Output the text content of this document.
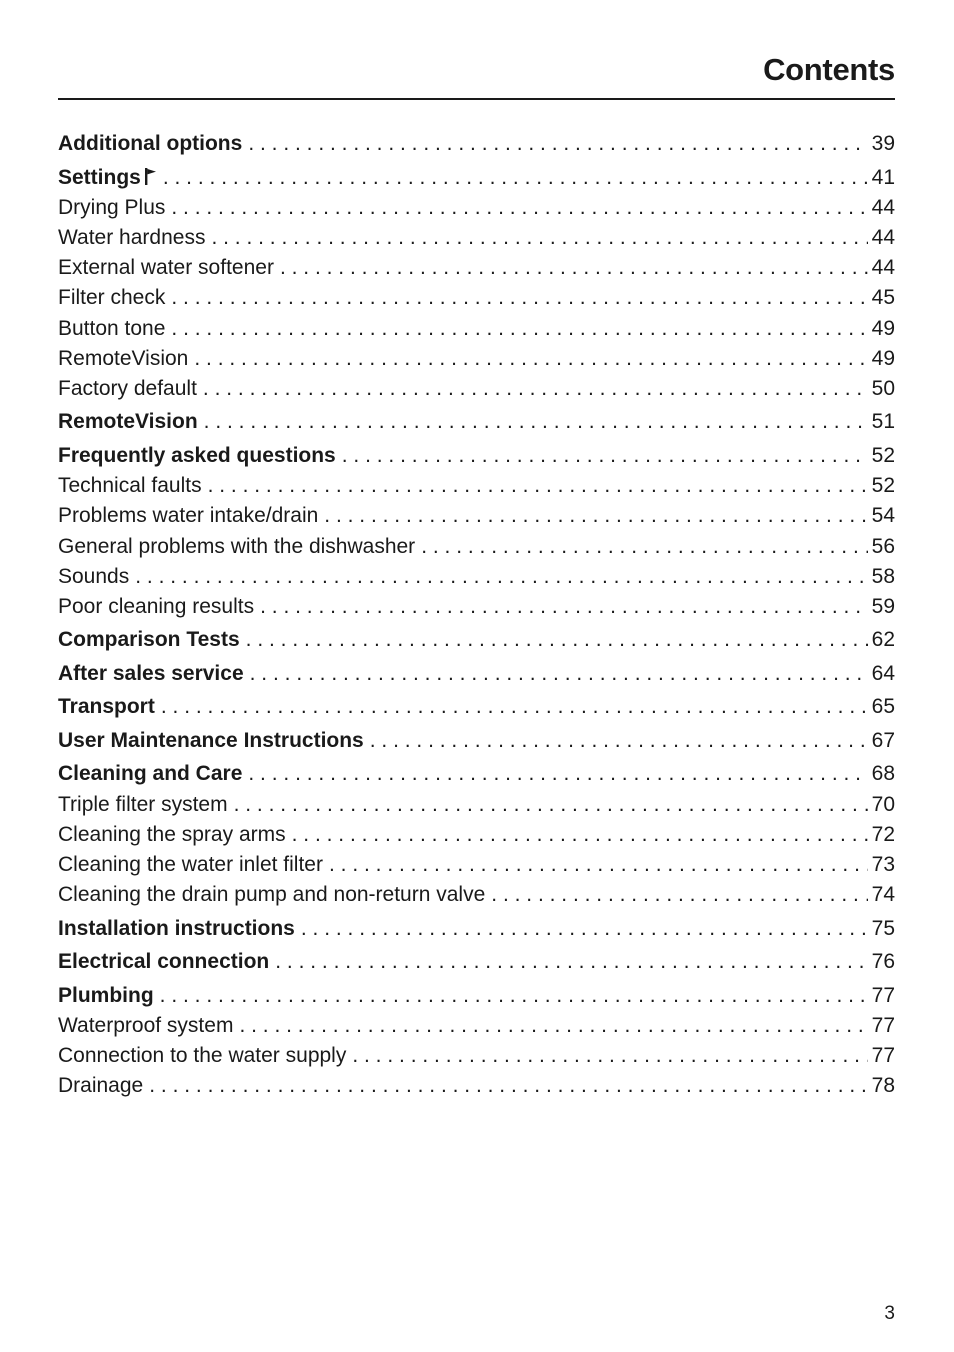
Contents
Additional options . . .	39
Settings . . .	41
Drying Plus . . .	44
Water hardness . . .	44
External water softener . . .	44
Filter check . . .	45
Button tone . . .	49
RemoteVision . . .	49
Factory default . . .	50
RemoteVision . . .	51
Frequently asked questions . . .	52
Technical faults . . .	52
Problems water intake/drain . . .	54
General problems with the dishwasher . . .	56
Sounds . . .	58
Poor cleaning results . . .	59
Comparison Tests . . .	62
After sales service . . .	64
Transport . . .	65
User Maintenance Instructions . . .	67
Cleaning and Care . . .	68
Triple filter system . . .	70
Cleaning the spray arms . . .	72
Cleaning the water inlet filter . . .	73
Cleaning the drain pump and non-return valve . . .	74
Installation instructions . . .	75
Electrical connection . . .	76
Plumbing . . .	77
Waterproof system . . .	77
Connection to the water supply . . .	77
Drainage . . .	78
3
